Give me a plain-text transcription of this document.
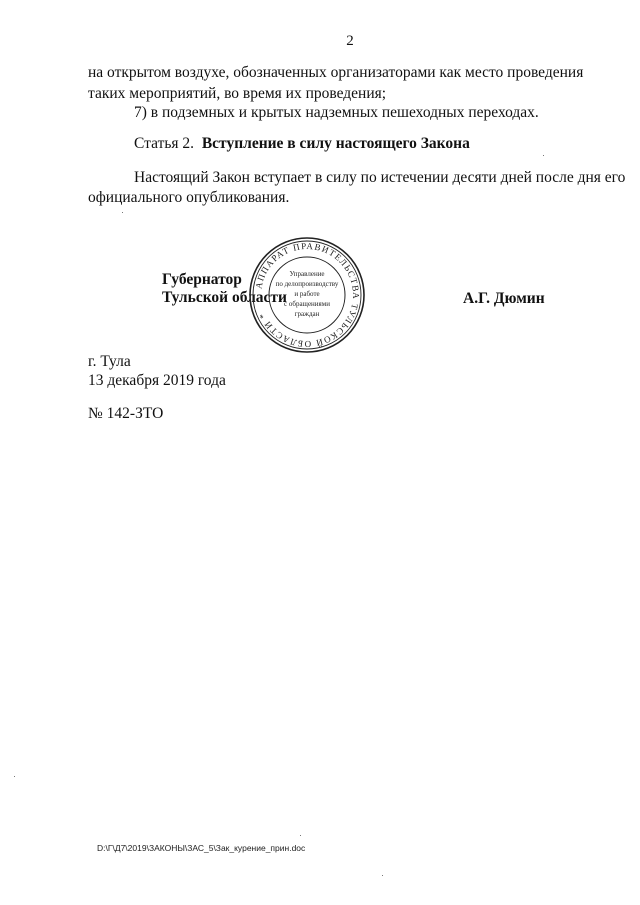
2
на открытом воздухе, обозначенных организаторами как место проведения
таких мероприятий, во время их проведения;
7) в подземных и крытых надземных пешеходных переходах.
Статья 2. Вступление в силу настоящего Закона
Настоящий Закон вступает в силу по истечении десяти дней после дня его
официального опубликования.
Губернатор
Тульской области	А.Г. Дюмин
АППАРАТ ПРАВИТЕЛЬСТВА ТУЛЬСКОЙ ОБЛАСТИ *
Управление
по делопроизводству
и работе
с обращениями
граждан
г. Тула
13 декабря 2019 года
№ 142-ЗТО
D:\Г\Д7\2019\ЗАКОНЫ\ЗАС_5\Зак_курение_прин.doc
